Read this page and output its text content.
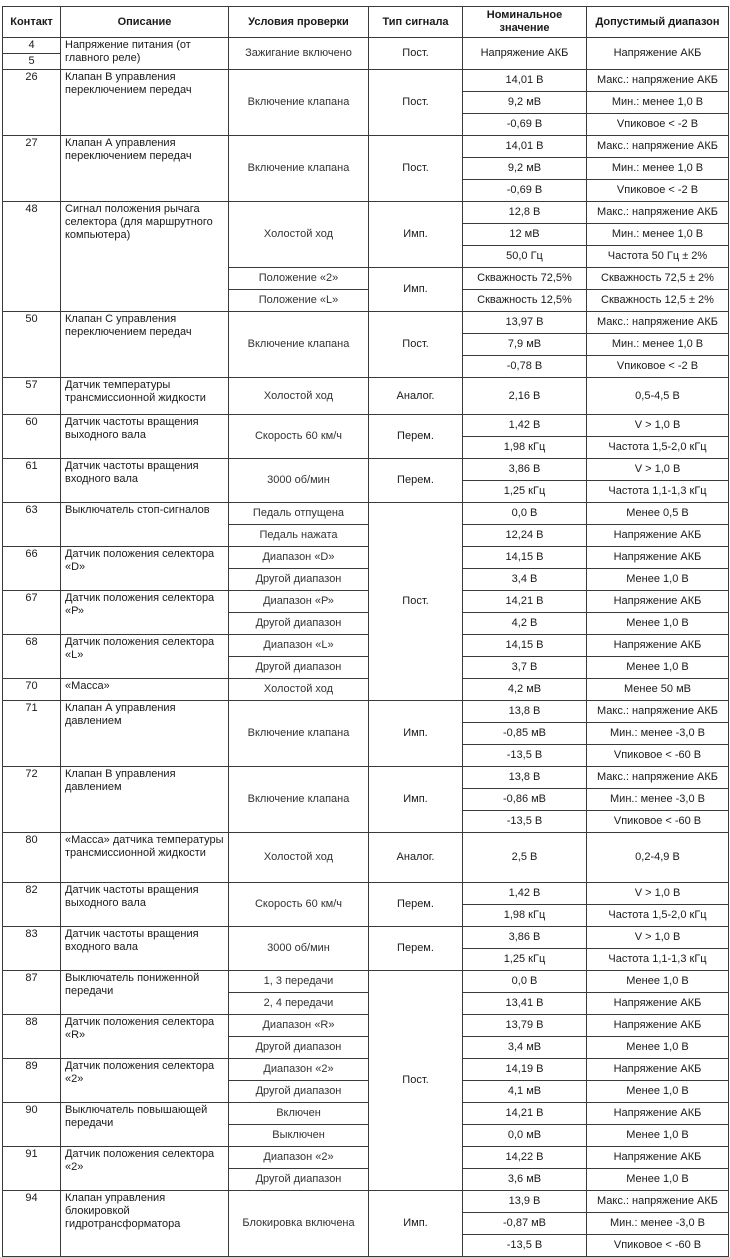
Контакт	Описание	Условия проверки	Тип сигнала	Номинальное значение	Допустимый диапазон
4	Напряжение питания (от главного реле)	Зажигание включено	Пост.	Напряжение АКБ	Напряжение АКБ
5					
26	Клапан В управления переключением передач	Включение клапана	Пост.	14,01 В	Макс.: напряжение АКБ
				9,2 мВ	Мин.: менее 1,0 В
				-0,69 В	Vпиковое < -2 В
27	Клапан А управления переключением передач	Включение клапана	Пост.	14,01 В	Макс.: напряжение АКБ
				9,2 мВ	Мин.: менее 1,0 В
				-0,69 В	Vпиковое < -2 В
48	Сигнал положения рычага селектора (для маршрутного компьютера)	Холостой ход	Имп.	12,8 В	Макс.: напряжение АКБ
				12 мВ	Мин.: менее 1,0 В
				50,0 Гц	Частота 50 Гц ± 2%
		Положение «2»	Имп.	Скважность 72,5%	Скважность 72,5 ± 2%
		Положение «L»		Скважность 12,5%	Скважность 12,5 ± 2%
50	Клапан С управления переключением передач	Включение клапана	Пост.	13,97 В	Макс.: напряжение АКБ
				7,9 мВ	Мин.: менее 1,0 В
				-0,78 В	Vпиковое < -2 В
57	Датчик температуры трансмиссионной жидкости	Холостой ход	Аналог.	2,16 В	0,5-4,5 В
60	Датчик частоты вращения выходного вала	Скорость 60 км/ч	Перем.	1,42 В	V > 1,0 В
				1,98 кГц	Частота 1,5-2,0 кГц
61	Датчик частоты вращения входного вала	3000 об/мин	Перем.	3,86 В	V > 1,0 В
				1,25 кГц	Частота 1,1-1,3 кГц
63	Выключатель стоп-сигналов	Педаль отпущена	Пост.	0,0 В	Менее 0,5 В
		Педаль нажата		12,24 В	Напряжение АКБ
66	Датчик положения селектора «D»	Диапазон «D»		14,15 В	Напряжение АКБ
		Другой диапазон		3,4 В	Менее 1,0 В
67	Датчик положения селектора «Р»	Диапазон «Р»		14,21 В	Напряжение АКБ
		Другой диапазон		4,2 В	Менее 1,0 В
68	Датчик положения селектора «L»	Диапазон «L»		14,15 В	Напряжение АКБ
		Другой диапазон		3,7 В	Менее 1,0 В
70	«Масса»	Холостой ход		4,2 мВ	Менее 50 мВ
71	Клапан А управления давлением	Включение клапана	Имп.	13,8 В	Макс.: напряжение АКБ
				-0,85 мВ	Мин.: менее -3,0 В
				-13,5 В	Vпиковое < -60 В
72	Клапан В управления давлением	Включение клапана	Имп.	13,8 В	Макс.: напряжение АКБ
				-0,86 мВ	Мин.: менее -3,0 В
				-13,5 В	Vпиковое < -60 В
80	«Масса» датчика температуры трансмиссионной жидкости	Холостой ход	Аналог.	2,5 В	0,2-4,9 В
82	Датчик частоты вращения выходного вала	Скорость 60 км/ч	Перем.	1,42 В	V > 1,0 В
				1,98 кГц	Частота 1,5-2,0 кГц
83	Датчик частоты вращения входного вала	3000 об/мин	Перем.	3,86 В	V > 1,0 В
				1,25 кГц	Частота 1,1-1,3 кГц
87	Выключатель пониженной передачи	1, 3 передачи	Пост.	0,0 В	Менее 1,0 В
		2, 4 передачи		13,41 В	Напряжение АКБ
88	Датчик положения селектора «R»	Диапазон «R»		13,79 В	Напряжение АКБ
		Другой диапазон		3,4 мВ	Менее 1,0 В
89	Датчик положения селектора «2»	Диапазон «2»		14,19 В	Напряжение АКБ
		Другой диапазон		4,1 мВ	Менее 1,0 В
90	Выключатель повышающей передачи	Включен		14,21 В	Напряжение АКБ
		Выключен		0,0 мВ	Менее 1,0 В
91	Датчик положения селектора «2»	Диапазон «2»		14,22 В	Напряжение АКБ
		Другой диапазон		3,6 мВ	Менее 1,0 В
94	Клапан управления блокировкой гидротрансформатора	Блокировка включена	Имп.	13,9 В	Макс.: напряжение АКБ
				-0,87 мВ	Мин.: менее -3,0 В
				-13,5 В	Vпиковое < -60 В
